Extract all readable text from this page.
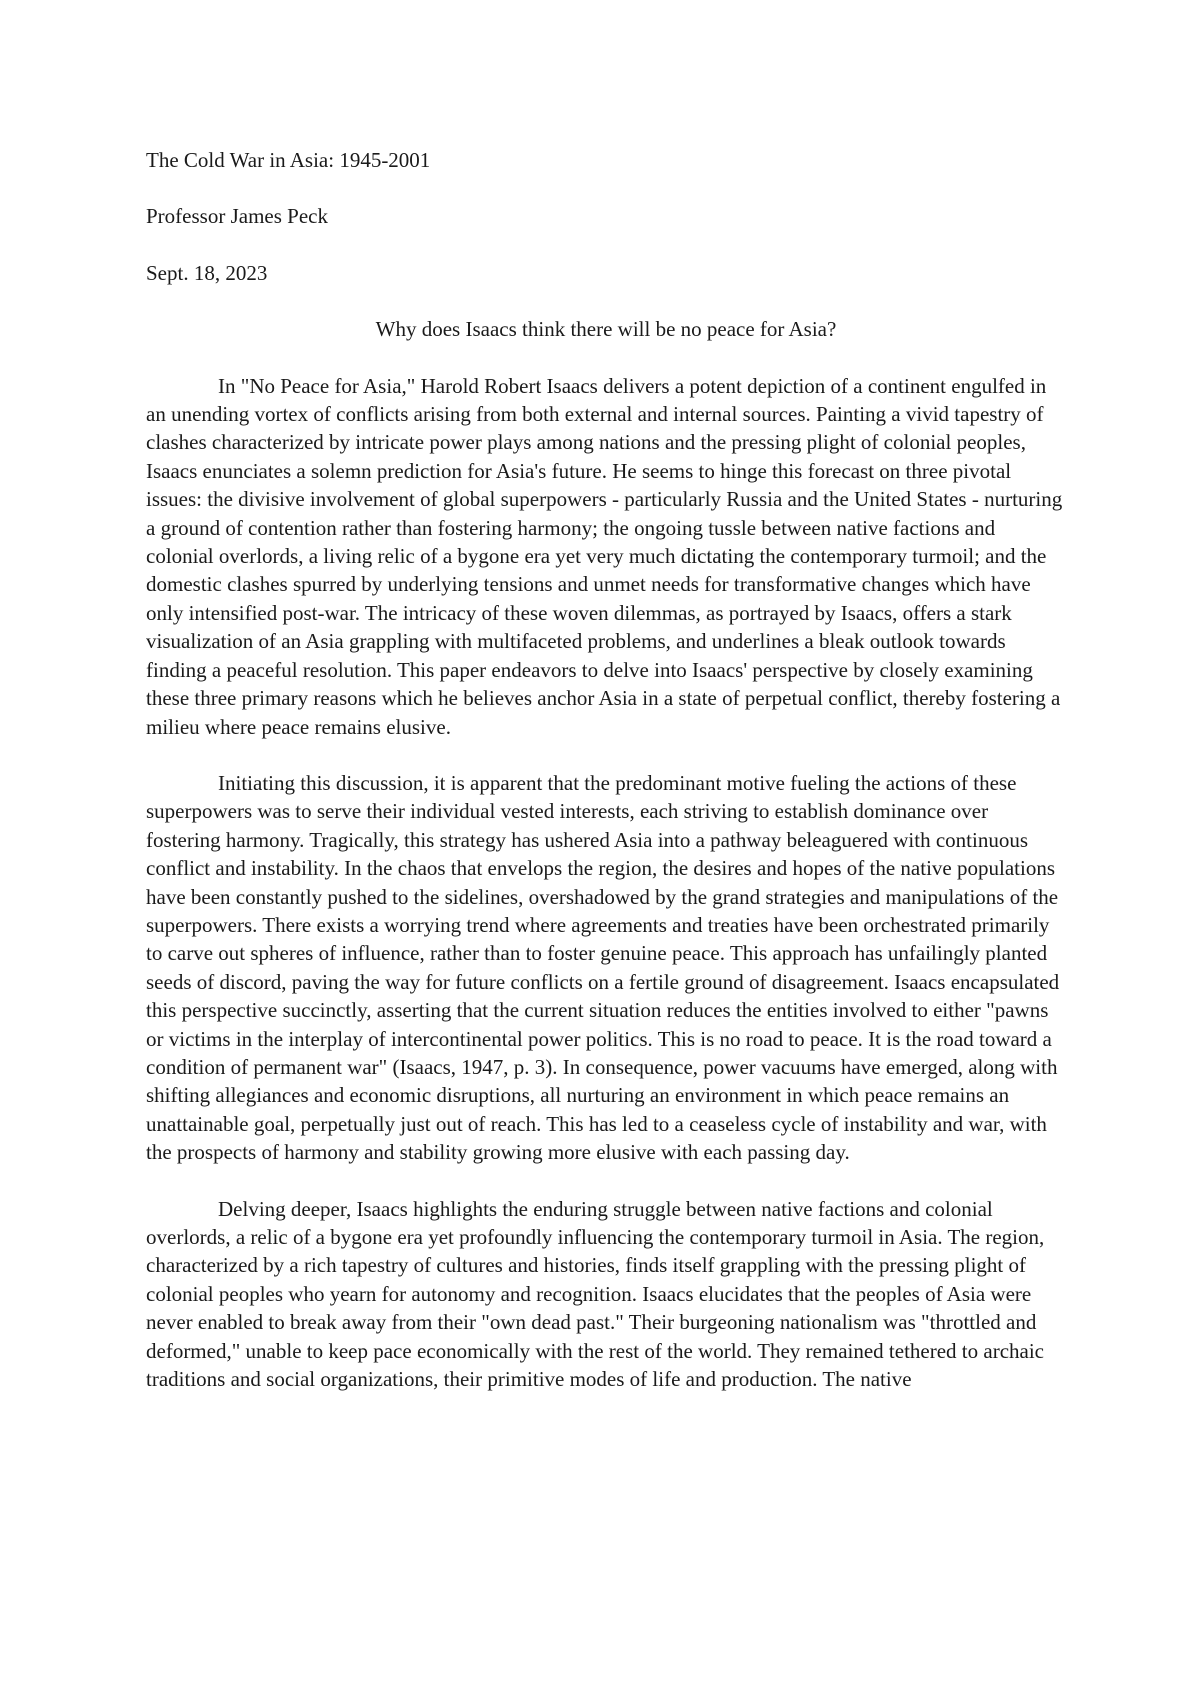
The Cold War in Asia: 1945-2001
Professor James Peck
Sept. 18, 2023
Why does Isaacs think there will be no peace for Asia?

In "No Peace for Asia," Harold Robert Isaacs delivers a potent depiction of a continent engulfed in an unending vortex of conflicts arising from both external and internal sources. Painting a vivid tapestry of clashes characterized by intricate power plays among nations and the pressing plight of colonial peoples, Isaacs enunciates a solemn prediction for Asia's future. He seems to hinge this forecast on three pivotal issues: the divisive involvement of global superpowers - particularly Russia and the United States - nurturing a ground of contention rather than fostering harmony; the ongoing tussle between native factions and colonial overlords, a living relic of a bygone era yet very much dictating the contemporary turmoil; and the domestic clashes spurred by underlying tensions and unmet needs for transformative changes which have only intensified post-war. The intricacy of these woven dilemmas, as portrayed by Isaacs, offers a stark visualization of an Asia grappling with multifaceted problems, and underlines a bleak outlook towards finding a peaceful resolution. This paper endeavors to delve into Isaacs' perspective by closely examining these three primary reasons which he believes anchor Asia in a state of perpetual conflict, thereby fostering a milieu where peace remains elusive.

Initiating this discussion, it is apparent that the predominant motive fueling the actions of these superpowers was to serve their individual vested interests, each striving to establish dominance over fostering harmony. Tragically, this strategy has ushered Asia into a pathway beleaguered with continuous conflict and instability. In the chaos that envelops the region, the desires and hopes of the native populations have been constantly pushed to the sidelines, overshadowed by the grand strategies and manipulations of the superpowers. There exists a worrying trend where agreements and treaties have been orchestrated primarily to carve out spheres of influence, rather than to foster genuine peace. This approach has unfailingly planted seeds of discord, paving the way for future conflicts on a fertile ground of disagreement. Isaacs encapsulated this perspective succinctly, asserting that the current situation reduces the entities involved to either "pawns or victims in the interplay of intercontinental power politics. This is no road to peace. It is the road toward a condition of permanent war" (Isaacs, 1947, p. 3). In consequence, power vacuums have emerged, along with shifting allegiances and economic disruptions, all nurturing an environment in which peace remains an unattainable goal, perpetually just out of reach. This has led to a ceaseless cycle of instability and war, with the prospects of harmony and stability growing more elusive with each passing day.

Delving deeper, Isaacs highlights the enduring struggle between native factions and colonial overlords, a relic of a bygone era yet profoundly influencing the contemporary turmoil in Asia. The region, characterized by a rich tapestry of cultures and histories, finds itself grappling with the pressing plight of colonial peoples who yearn for autonomy and recognition. Isaacs elucidates that the peoples of Asia were never enabled to break away from their "own dead past." Their burgeoning nationalism was "throttled and deformed," unable to keep pace economically with the rest of the world. They remained tethered to archaic traditions and social organizations, their primitive modes of life and production. The native
